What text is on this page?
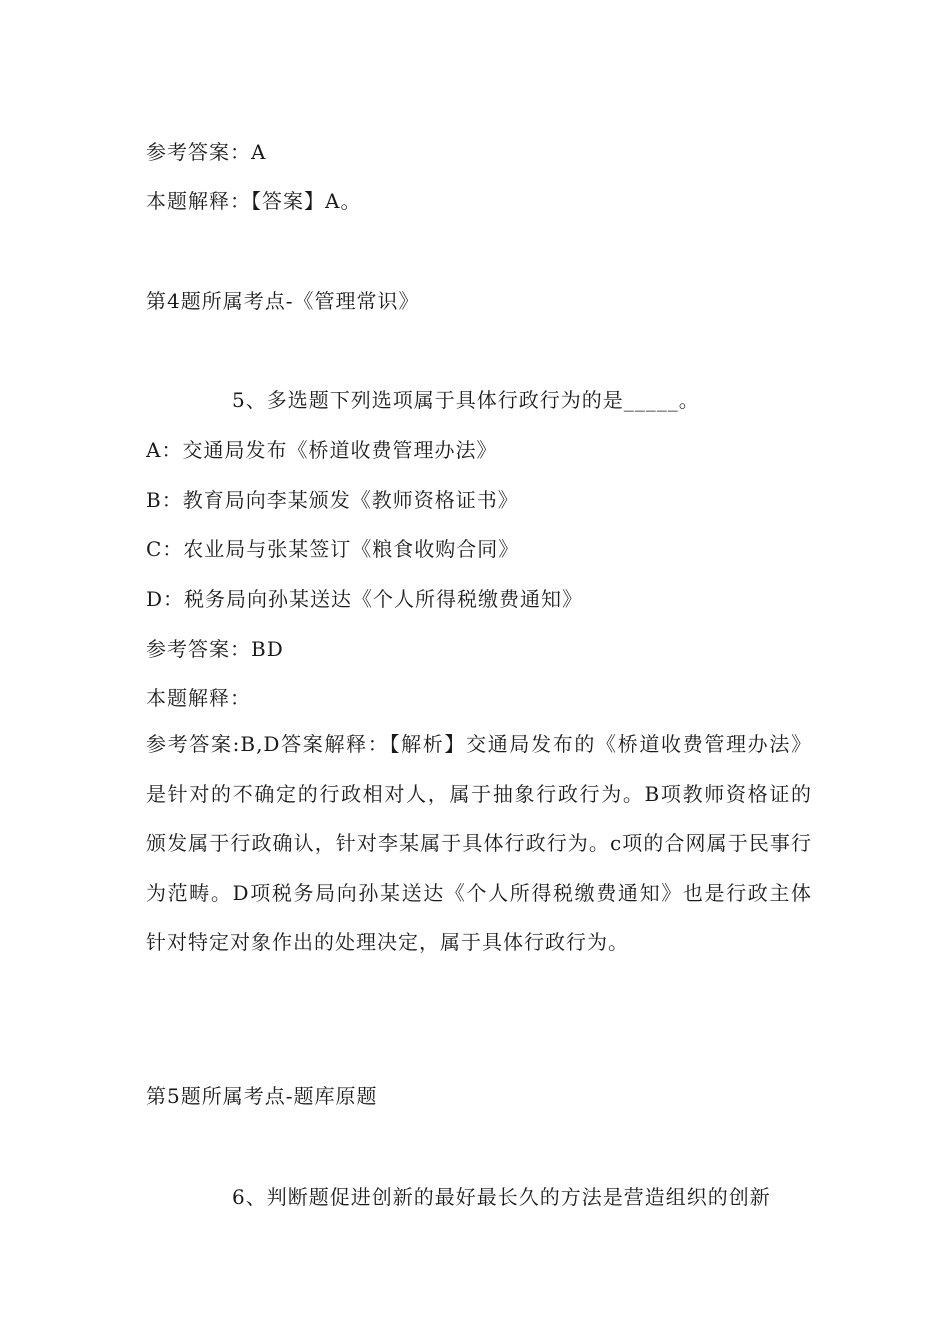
参考答案：A
本题解释：【答案】A。
第4题所属考点-《管理常识》
5、多选题下列选项属于具体行政行为的是_____。
A：交通局发布《桥道收费管理办法》
B：教育局向李某颁发《教师资格证书》
C：农业局与张某签订《粮食收购合同》
D：税务局向孙某送达《个人所得税缴费通知》
参考答案：BD
本题解释：
参考答案:B,D答案解释：【解析】交通局发布的《桥道收费管理办法》是针对的不确定的行政相对人，属于抽象行政行为。B项教师资格证的颁发属于行政确认，针对李某属于具体行政行为。c项的合网属于民事行为范畴。D项税务局向孙某送达《个人所得税缴费通知》也是行政主体针对特定对象作出的处理决定，属于具体行政行为。
第5题所属考点-题库原题
6、判断题促进创新的最好最长久的方法是营造组织的创新
